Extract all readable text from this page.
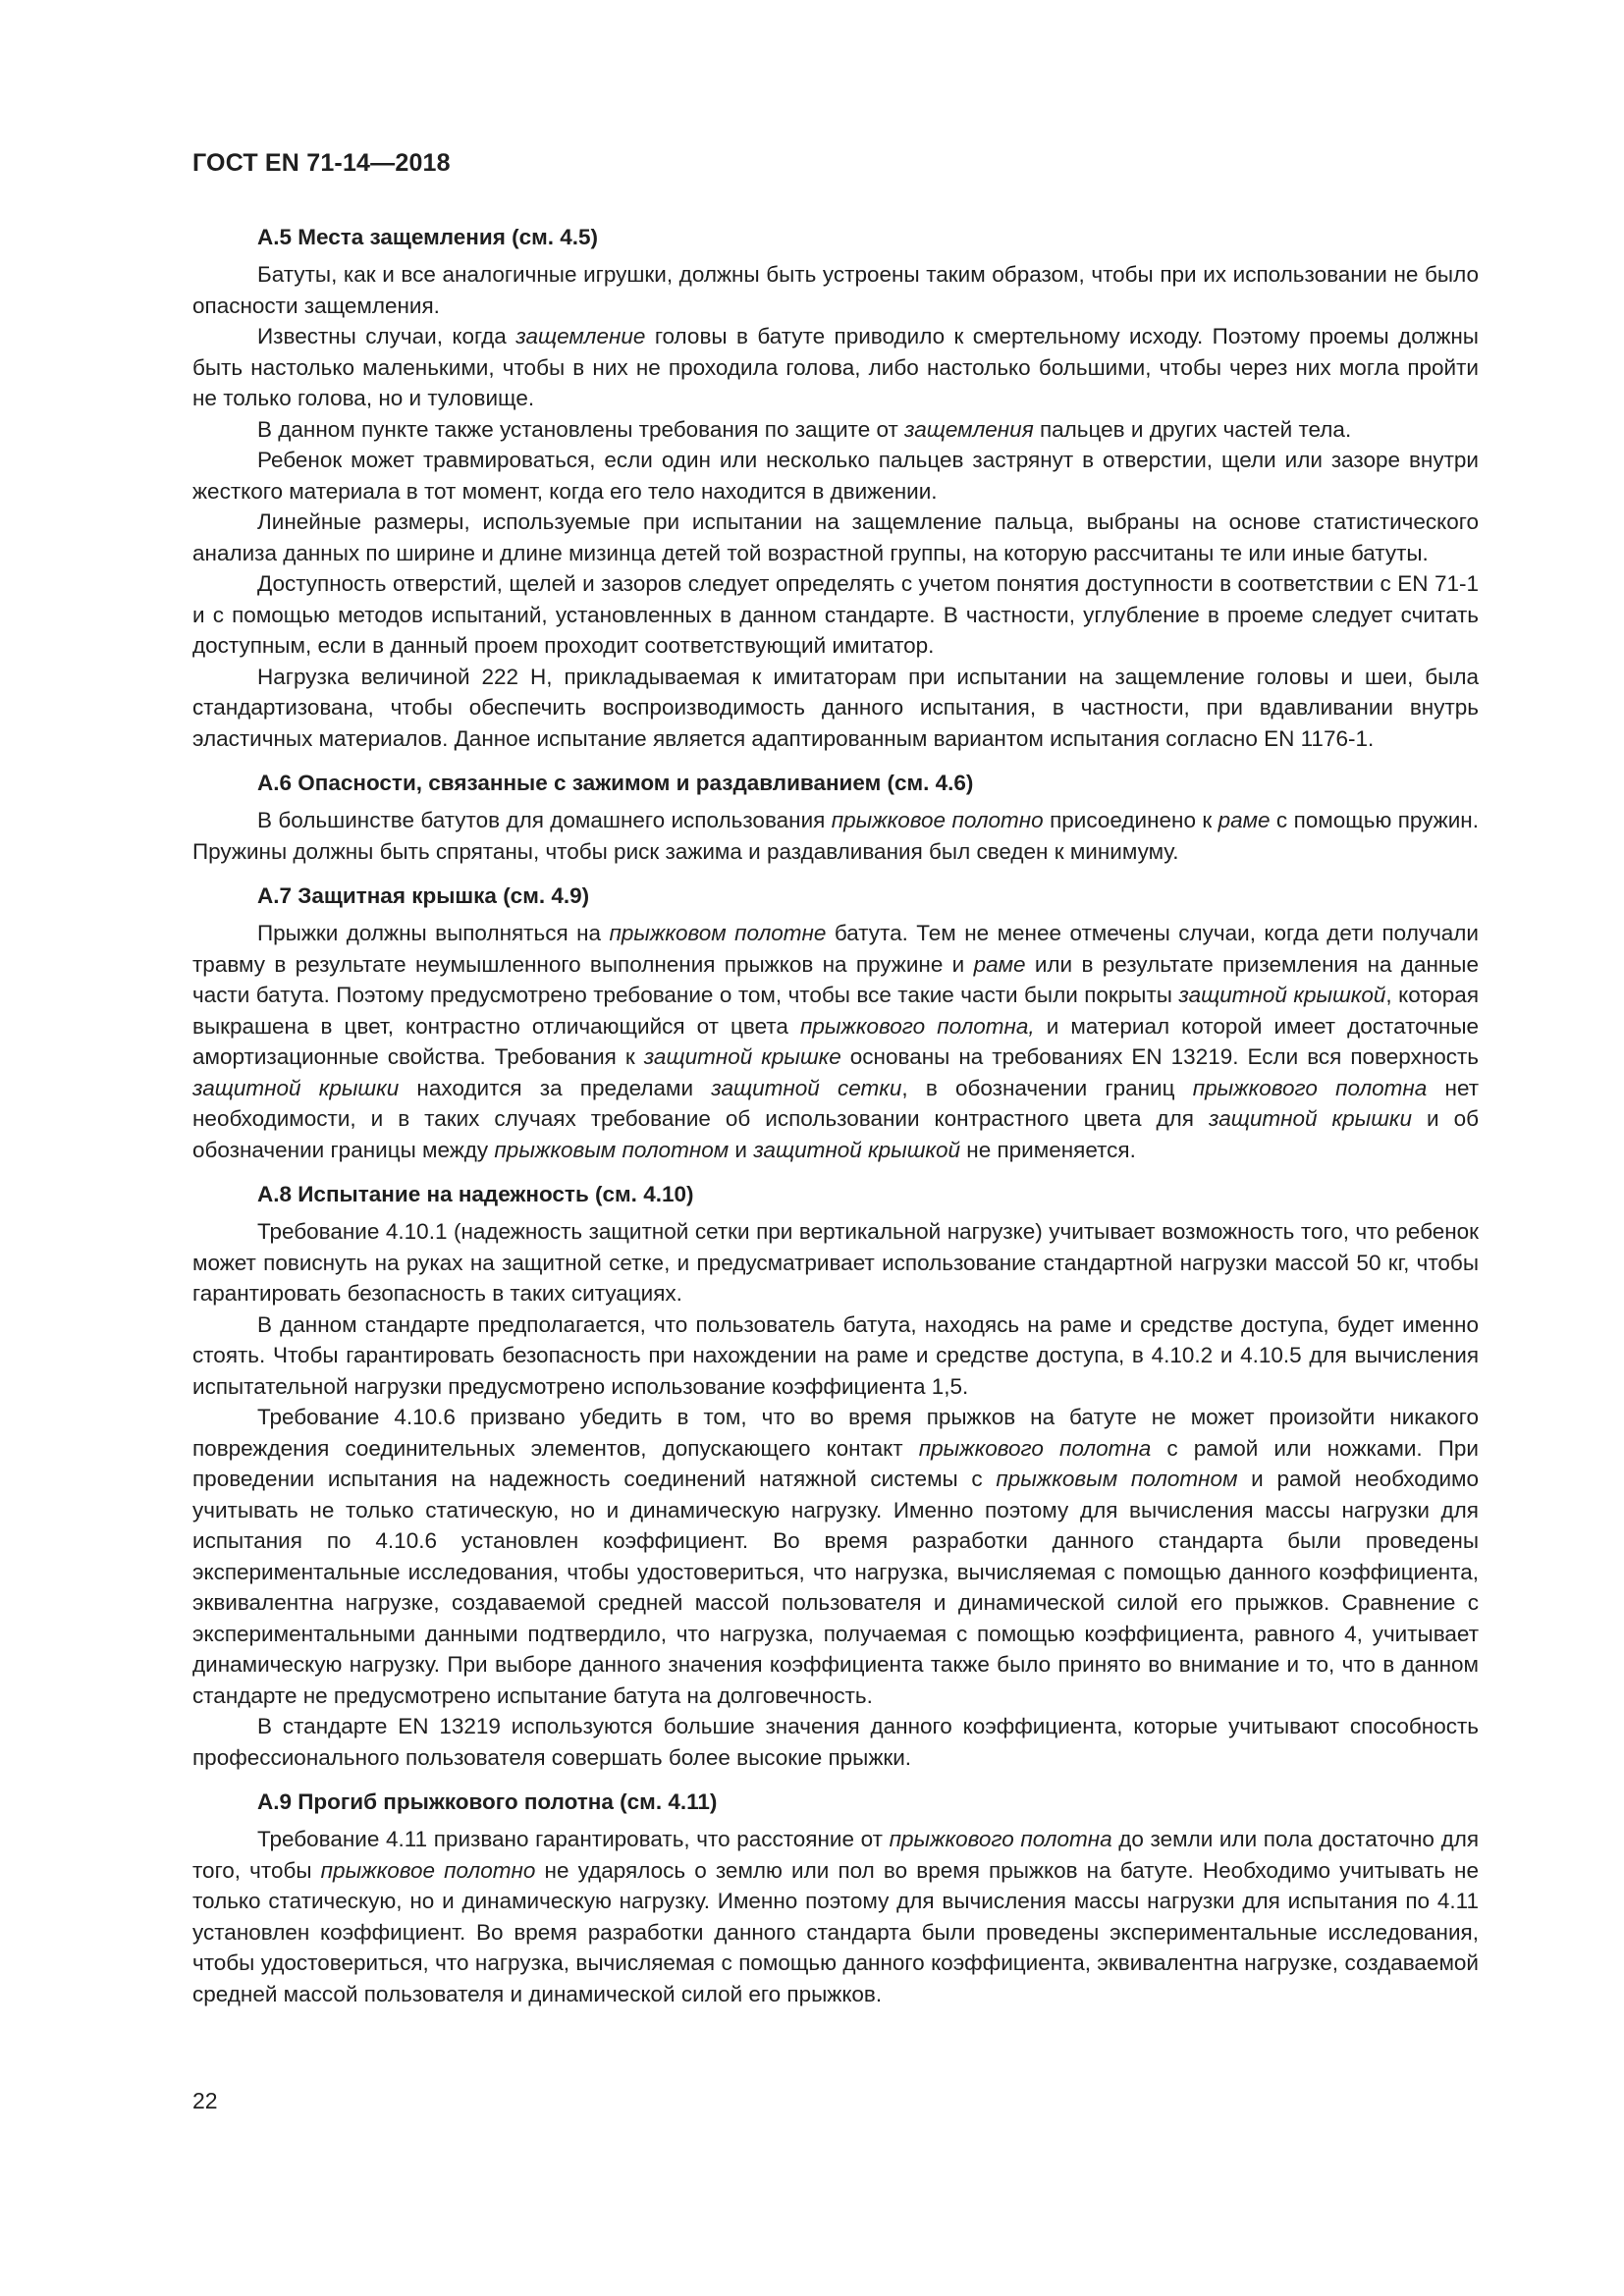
ГОСТ EN 71-14—2018
А.5 Места защемления (см. 4.5)

Батуты, как и все аналогичные игрушки, должны быть устроены таким образом, чтобы при их использовании не было опасности защемления.

Известны случаи, когда защемление головы в батуте приводило к смертельному исходу. Поэтому проемы должны быть настолько маленькими, чтобы в них не проходила голова, либо настолько большими, чтобы через них могла пройти не только голова, но и туловище.

В данном пункте также установлены требования по защите от защемления пальцев и других частей тела.

Ребенок может травмироваться, если один или несколько пальцев застрянут в отверстии, щели или зазоре внутри жесткого материала в тот момент, когда его тело находится в движении.

Линейные размеры, используемые при испытании на защемление пальца, выбраны на основе статистического анализа данных по ширине и длине мизинца детей той возрастной группы, на которую рассчитаны те или иные батуты.

Доступность отверстий, щелей и зазоров следует определять с учетом понятия доступности в соответствии с EN 71-1 и с помощью методов испытаний, установленных в данном стандарте. В частности, углубление в проеме следует считать доступным, если в данный проем проходит соответствующий имитатор.

Нагрузка величиной 222 Н, прикладываемая к имитаторам при испытании на защемление головы и шеи, была стандартизована, чтобы обеспечить воспроизводимость данного испытания, в частности, при вдавливании внутрь эластичных материалов. Данное испытание является адаптированным вариантом испытания согласно EN 1176-1.

А.6 Опасности, связанные с зажимом и раздавливанием (см. 4.6)

В большинстве батутов для домашнего использования прыжковое полотно присоединено к раме с помощью пружин. Пружины должны быть спрятаны, чтобы риск зажима и раздавливания был сведен к минимуму.

А.7 Защитная крышка (см. 4.9)

Прыжки должны выполняться на прыжковом полотне батута. Тем не менее отмечены случаи, когда дети получали травму в результате неумышленного выполнения прыжков на пружине и раме или в результате приземления на данные части батута. Поэтому предусмотрено требование о том, чтобы все такие части были покрыты защитной крышкой, которая выкрашена в цвет, контрастно отличающийся от цвета прыжкового полотна, и материал которой имеет достаточные амортизационные свойства. Требования к защитной крышке основаны на требованиях EN 13219. Если вся поверхность защитной крышки находится за пределами защитной сетки, в обозначении границ прыжкового полотна нет необходимости, и в таких случаях требование об использовании контрастного цвета для защитной крышки и об обозначении границы между прыжковым полотном и защитной крышкой не применяется.

А.8 Испытание на надежность (см. 4.10)

Требование 4.10.1 (надежность защитной сетки при вертикальной нагрузке) учитывает возможность того, что ребенок может повиснуть на руках на защитной сетке, и предусматривает использование стандартной нагрузки массой 50 кг, чтобы гарантировать безопасность в таких ситуациях.

В данном стандарте предполагается, что пользователь батута, находясь на раме и средстве доступа, будет именно стоять. Чтобы гарантировать безопасность при нахождении на раме и средстве доступа, в 4.10.2 и 4.10.5 для вычисления испытательной нагрузки предусмотрено использование коэффициента 1,5.

Требование 4.10.6 призвано убедить в том, что во время прыжков на батуте не может произойти никакого повреждения соединительных элементов, допускающего контакт прыжкового полотна с рамой или ножками. При проведении испытания на надежность соединений натяжной системы с прыжковым полотном и рамой необходимо учитывать не только статическую, но и динамическую нагрузку. Именно поэтому для вычисления массы нагрузки для испытания по 4.10.6 установлен коэффициент. Во время разработки данного стандарта были проведены экспериментальные исследования, чтобы удостовериться, что нагрузка, вычисляемая с помощью данного коэффициента, эквивалентна нагрузке, создаваемой средней массой пользователя и динамической силой его прыжков. Сравнение с экспериментальными данными подтвердило, что нагрузка, получаемая с помощью коэффициента, равного 4, учитывает динамическую нагрузку. При выборе данного значения коэффициента также было принято во внимание и то, что в данном стандарте не предусмотрено испытание батута на долговечность.

В стандарте EN 13219 используются большие значения данного коэффициента, которые учитывают способность профессионального пользователя совершать более высокие прыжки.

А.9 Прогиб прыжкового полотна (см. 4.11)

Требование 4.11 призвано гарантировать, что расстояние от прыжкового полотна до земли или пола достаточно для того, чтобы прыжковое полотно не ударялось о землю или пол во время прыжков на батуте. Необходимо учитывать не только статическую, но и динамическую нагрузку. Именно поэтому для вычисления массы нагрузки для испытания по 4.11 установлен коэффициент. Во время разработки данного стандарта были проведены экспериментальные исследования, чтобы удостовериться, что нагрузка, вычисляемая с помощью данного коэффициента, эквивалентна нагрузке, создаваемой средней массой пользователя и динамической силой его прыжков.

22
